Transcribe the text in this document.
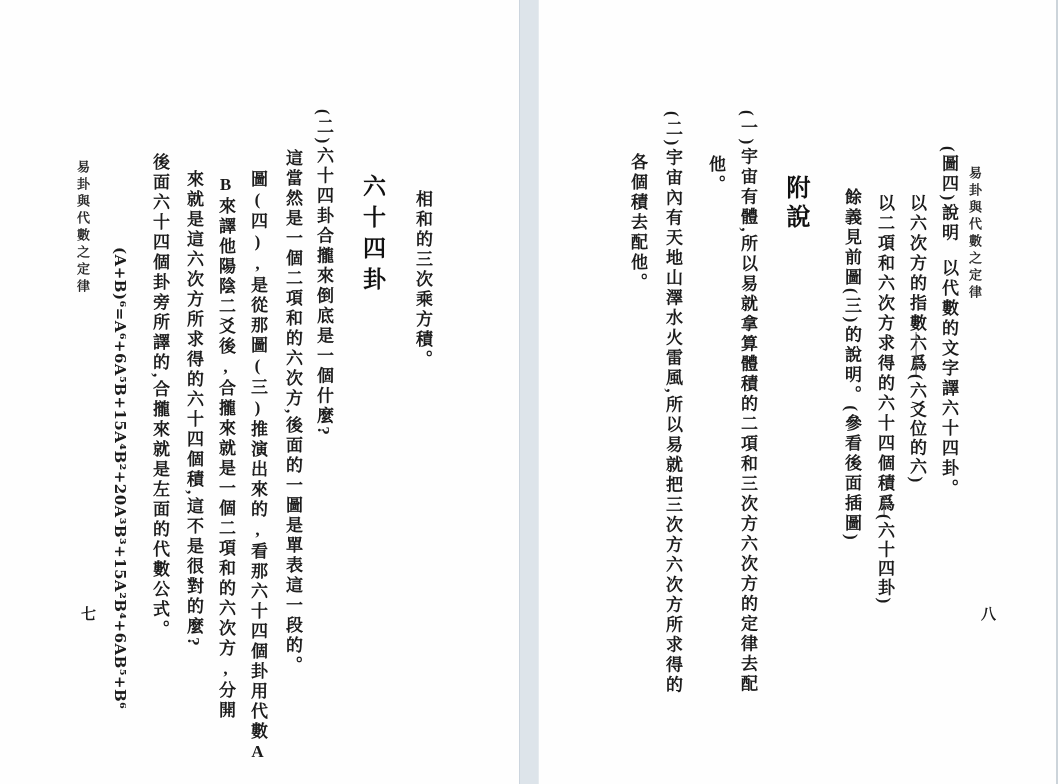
相和的三次乘方積。
六十四卦
(二)六十四卦合攏來倒底是一個什麼?
這當然是一個二項和的六次方,後面的一圖是單表這一段的。
圖(四),是從那圖(三)推演出來的,看那六十四個卦用代數A
B來譯他陽陰二爻後,合攏來就是一個二項和的六次方,分開
來就是這六次方所求得的六十四個積,這不是很對的麼?
後面六十四個卦旁所譯的,合攏來就是左面的代數公式。
(A+B)⁶=A⁶+6A⁵B+15A⁴B²+20A³B³+15A²B⁴+6AB⁵+B⁶
易卦與代數之定律
七
易卦與代數之定律
(圖四)說明以代數的文字譯六十四卦。
以六次方的指數六爲(六爻位的六)
以二項和六次方求得的六十四個積爲(六十四卦)
餘義見前圖(三)的說明。(參看後面插圖)
附說
(一)宇宙有體,所以易就拿算體積的二項和三次方六次方的定律去配
他。
(二)宇宙內有天地山澤水火雷風,所以易就把三次方六次方所求得的
各個積去配他。
八
